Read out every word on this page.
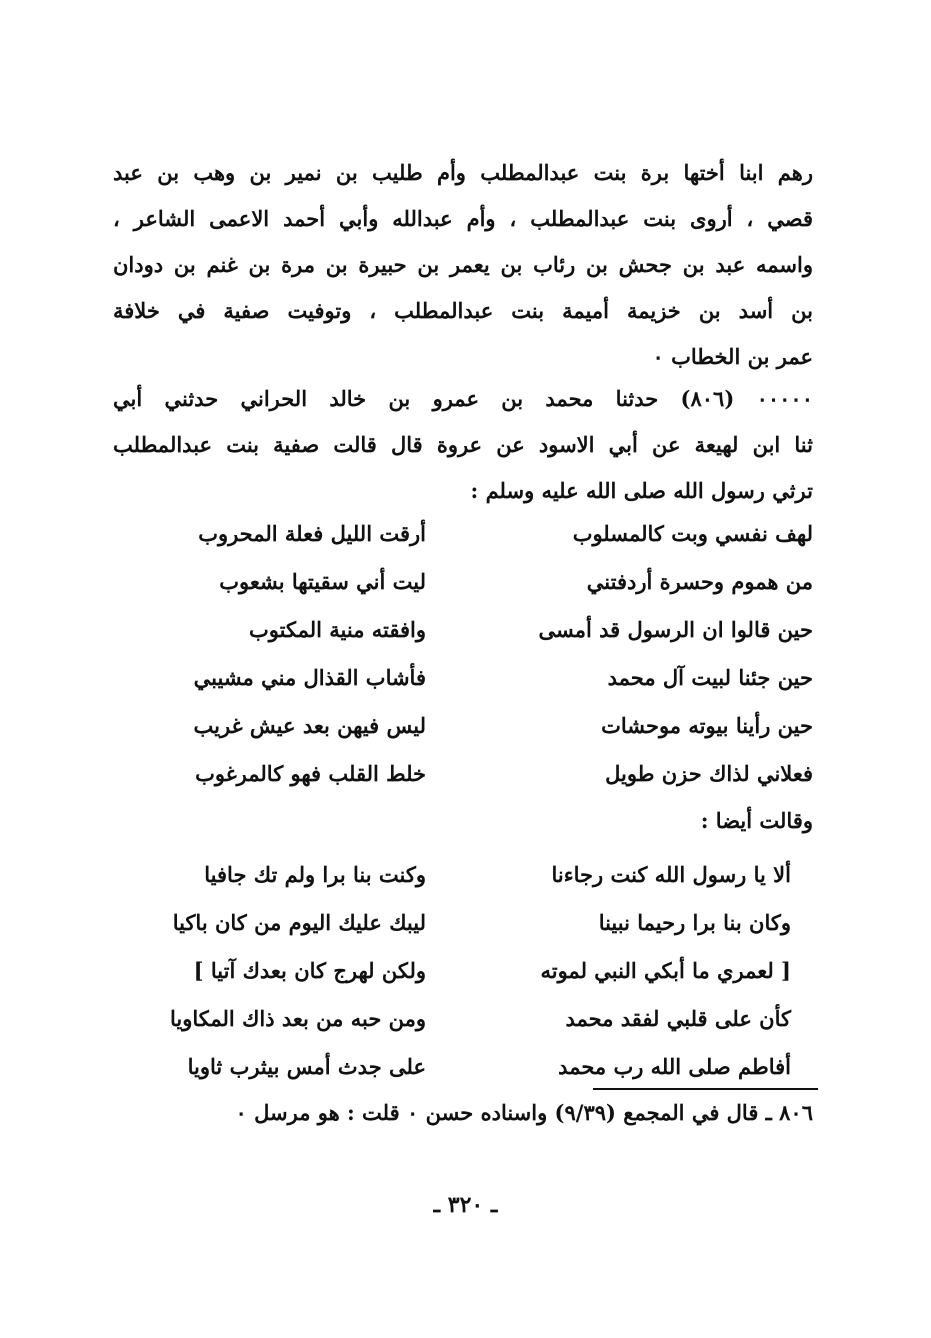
رهم ابنا أختها برة بنت عبدالمطلب وأم طليب بن نمير بن وهب بن عبد
قصي ، أروى بنت عبدالمطلب ، وأم عبدالله وأبي أحمد الاعمى الشاعر ،
واسمه عبد بن جحش بن رئاب بن يعمر بن حبيرة بن مرة بن غنم بن دودان
بن أسد بن خزيمة أميمة بنت عبدالمطلب ، وتوفيت صفية في خلافة
عمر بن الخطاب ٠
٠٠٠٠٠ (٨٠٦) حدثنا محمد بن عمرو بن خالد الحراني حدثني أبي
ثنا ابن لهيعة عن أبي الاسود عن عروة قال قالت صفية بنت عبدالمطلب
ترثي رسول الله صلى الله عليه وسلم :
لهف نفسي وبت كالمسلوب
من هموم وحسرة أردفتني
حين قالوا ان الرسول قد أمسى
حين جئنا لبيت آل محمد
حين رأينا بيوته موحشات
فعلاني لذاك حزن طويل
أرقت الليل فعلة المحروب
ليت أني سقيتها بشعوب
وافقته منية المكتوب
فأشاب القذال مني مشيبي
ليس فيهن بعد عيش غريب
خلط القلب فهو كالمرغوب
وقالت أيضا :
ألا يا رسول الله كنت رجاءنا
وكان بنا برا رحيما نبينا
[ لعمري ما أبكي النبي لموته
كأن على قلبي لفقد محمد
أفاطم صلى الله رب محمد
وكنت بنا برا ولم تك جافيا
ليبك عليك اليوم من كان باكيا
ولكن لهرج كان بعدك آتيا ]
ومن حبه من بعد ذاك المكاويا
على جدث أمس بيثرب ثاويا
٨٠٦ ـ قال في المجمع (٩/٣٩) واسناده حسن ٠ قلت : هو مرسل ٠
ـ ٣٢٠ ـ
